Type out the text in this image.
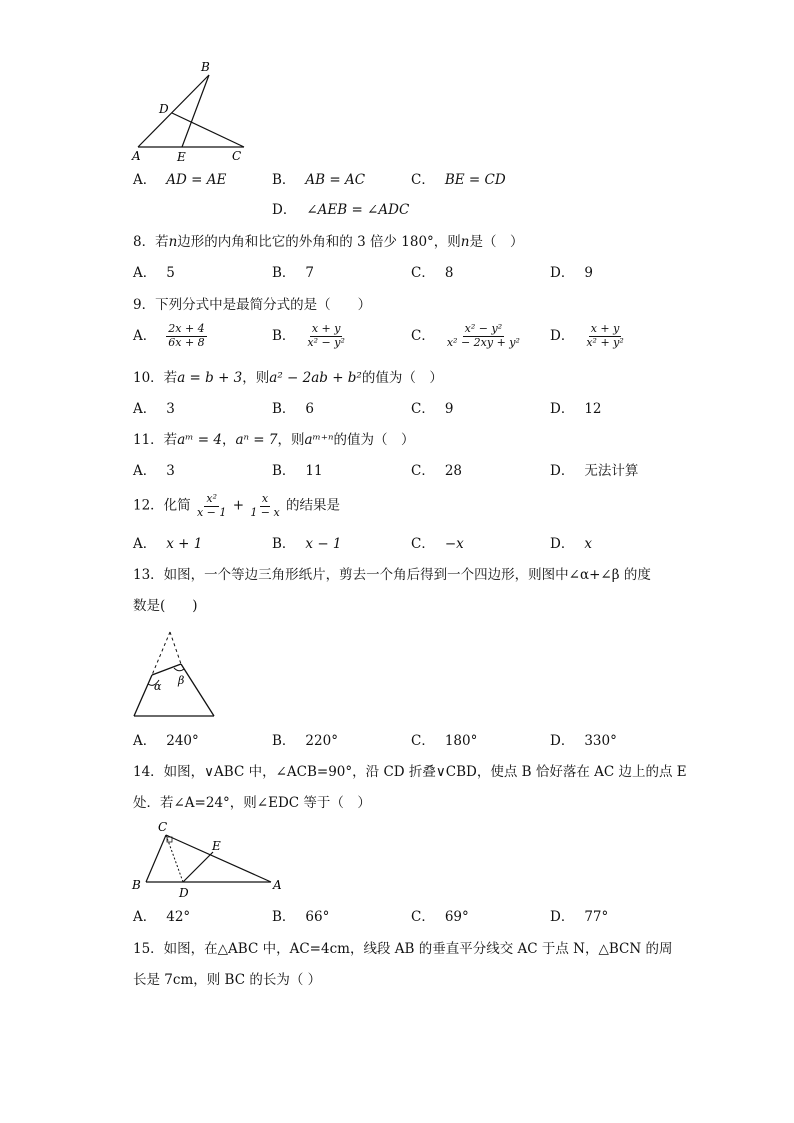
B
D
A	E	C
A． AD = AE	B． AB = AC	C． BE = CD
D． ∠AEB = ∠ADC
8．若n边形的内角和比它的外角和的 3 倍少 180°，则n是（　）
A． 5	B． 7	C． 8	D． 9
9．下列分式中是最简分式的是（　　）
A． $\frac{2x + 4}{6x + 8}$	B． $\frac{x + y}{\text{x² − y²}}$	C． $\frac{\text{x² − y²}}{\text{x² − 2xy + y²}}$ D． $\frac{x + y}{\text{x² + y²}}$
10．若a = b + 3，则a² − 2ab + b²的值为（　）
A． 3	B． 6	C． 9	D． 12
11．若aᵐ = 4，aⁿ = 7，则aᵐ⁺ⁿ的值为（　）
A． 3	B． 11	C． 28	D． 无法计算
12．化简 $\frac{\text{x²}}{x - 1} + \frac{x}{1 - x}$ 的结果是
A． x + 1	B． x − 1	C． −x	D． x
13．如图，一个等边三角形纸片，剪去一个角后得到一个四边形，则图中∠α+∠β 的度
数是(　　)
α β
A． 240°	B． 220°	C． 180°	D． 330°
14．如图，∨ABC 中，∠ACB=90°，沿 CD 折叠∨CBD，使点 B 恰好落在 AC 边上的点 E
处．若∠A=24°，则∠EDC 等于（　）
C
E
B
D
A
A． 42°	B． 66°	C． 69°	D． 77°
15．如图，在△ABC 中，AC=4cm，线段 AB 的垂直平分线交 AC 于点 N，△BCN 的周
长是 7cm，则 BC 的长为（ ）
